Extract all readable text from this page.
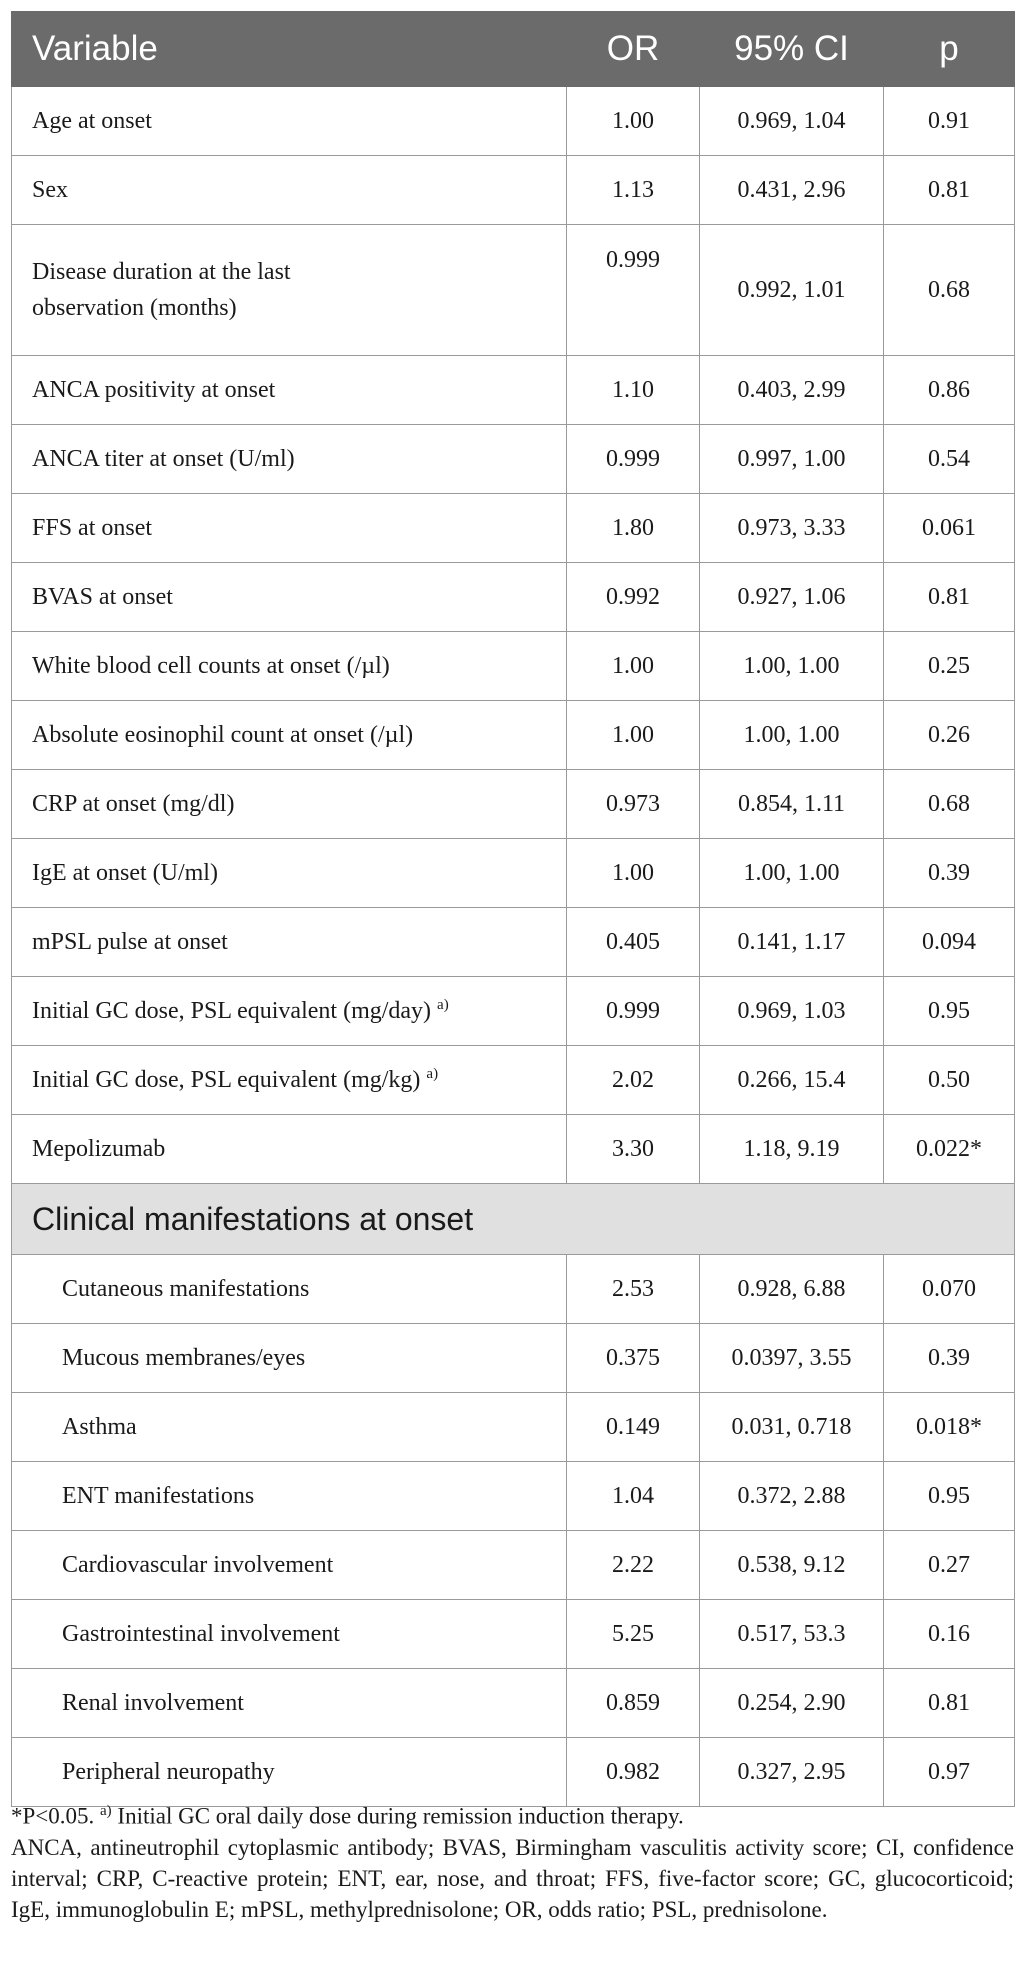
Variable	OR	95% CI	p
Age at onset	1.00	0.969, 1.04	0.91
Sex	1.13	0.431, 2.96	0.81
Disease duration at the last
observation (months)	0.999	0.992, 1.01	0.68
ANCA positivity at onset	1.10	0.403, 2.99	0.86
ANCA titer at onset (U/ml)	0.999	0.997, 1.00	0.54
FFS at onset	1.80	0.973, 3.33	0.061
BVAS at onset	0.992	0.927, 1.06	0.81
White blood cell counts at onset (/µl)	1.00	1.00, 1.00	0.25
Absolute eosinophil count at onset (/µl)	1.00	1.00, 1.00	0.26
CRP at onset (mg/dl)	0.973	0.854, 1.11	0.68
IgE at onset (U/ml)	1.00	1.00, 1.00	0.39
mPSL pulse at onset	0.405	0.141, 1.17	0.094
Initial GC dose, PSL equivalent (mg/day) $^{a)}$	0.999	0.969, 1.03	0.95
Initial GC dose, PSL equivalent (mg/kg) $^{a)}$	2.02	0.266, 15.4	0.50
Mepolizumab	3.30	1.18, 9.19	0.022*
Clinical manifestations at onset			
Cutaneous manifestations	2.53	0.928, 6.88	0.070
Mucous membranes/eyes	0.375	0.0397, 3.55	0.39
Asthma	0.149	0.031, 0.718	0.018*
ENT manifestations	1.04	0.372, 2.88	0.95
Cardiovascular involvement	2.22	0.538, 9.12	0.27
Gastrointestinal involvement	5.25	0.517, 53.3	0.16
Renal involvement	0.859	0.254, 2.90	0.81
Peripheral neuropathy	0.982	0.327, 2.95	0.97

*P<0.05. $^{a)}$ Initial GC oral daily dose during remission induction therapy.

ANCA, antineutrophil cytoplasmic antibody; BVAS, Birmingham vasculitis activity score; CI, confidence interval; CRP, C-reactive protein; ENT, ear, nose, and throat; FFS, five-factor score; GC, glucocorticoid; IgE, immunoglobulin E; mPSL, methylprednisolone; OR, odds ratio; PSL, prednisolone.
